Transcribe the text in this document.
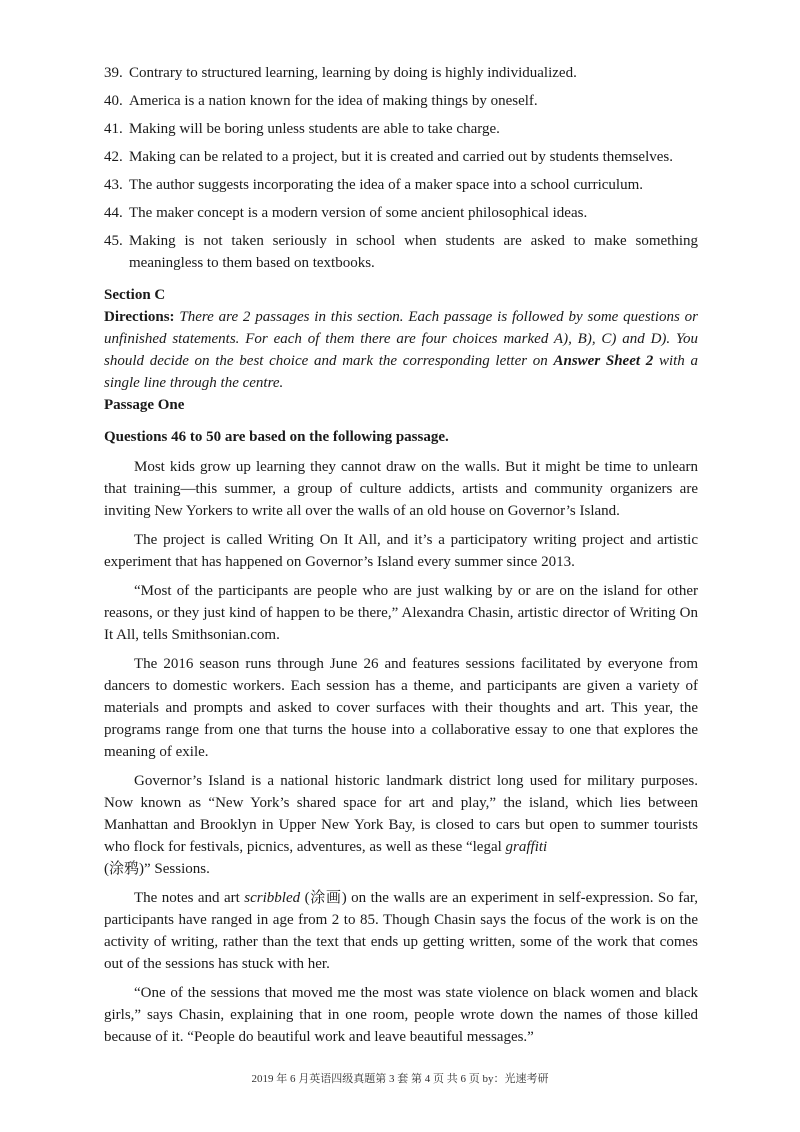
39. Contrary to structured learning, learning by doing is highly individualized.
40. America is a nation known for the idea of making things by oneself.
41. Making will be boring unless students are able to take charge.
42. Making can be related to a project, but it is created and carried out by students themselves.
43. The author suggests incorporating the idea of a maker space into a school curriculum.
44. The maker concept is a modern version of some ancient philosophical ideas.
45. Making is not taken seriously in school when students are asked to make something meaningless to them based on textbooks.
Section C
Directions: There are 2 passages in this section. Each passage is followed by some questions or unfinished statements. For each of them there are four choices marked A), B), C) and D). You should decide on the best choice and mark the corresponding letter on Answer Sheet 2 with a single line through the centre.
Passage One
Questions 46 to 50 are based on the following passage.

Most kids grow up learning they cannot draw on the walls. But it might be time to unlearn that training—this summer, a group of culture addicts, artists and community organizers are inviting New Yorkers to write all over the walls of an old house on Governor’s Island.

The project is called Writing On It All, and it’s a participatory writing project and artistic experiment that has happened on Governor’s Island every summer since 2013.

“Most of the participants are people who are just walking by or are on the island for other reasons, or they just kind of happen to be there,” Alexandra Chasin, artistic director of Writing On It All, tells Smithsonian.com.

The 2016 season runs through June 26 and features sessions facilitated by everyone from dancers to domestic workers. Each session has a theme, and participants are given a variety of materials and prompts and asked to cover surfaces with their thoughts and art. This year, the programs range from one that turns the house into a collaborative essay to one that explores the meaning of exile.

Governor’s Island is a national historic landmark district long used for military purposes. Now known as “New York’s shared space for art and play,” the island, which lies between Manhattan and Brooklyn in Upper New York Bay, is closed to cars but open to summer tourists who flock for festivals, picnics, adventures, as well as these “legal graffiti
(涂鸦)” Sessions.

The notes and art scribbled (涂画) on the walls are an experiment in self-expression. So far, participants have ranged in age from 2 to 85. Though Chasin says the focus of the work is on the activity of writing, rather than the text that ends up getting written, some of the work that comes out of the sessions has stuck with her.

“One of the sessions that moved me the most was state violence on black women and black girls,” says Chasin, explaining that in one room, people wrote down the names of those killed because of it. “People do beautiful work and leave beautiful messages.”

2019 年 6 月英语四级真题第 3 套 第 4 页 共 6 页 by：光速考研
